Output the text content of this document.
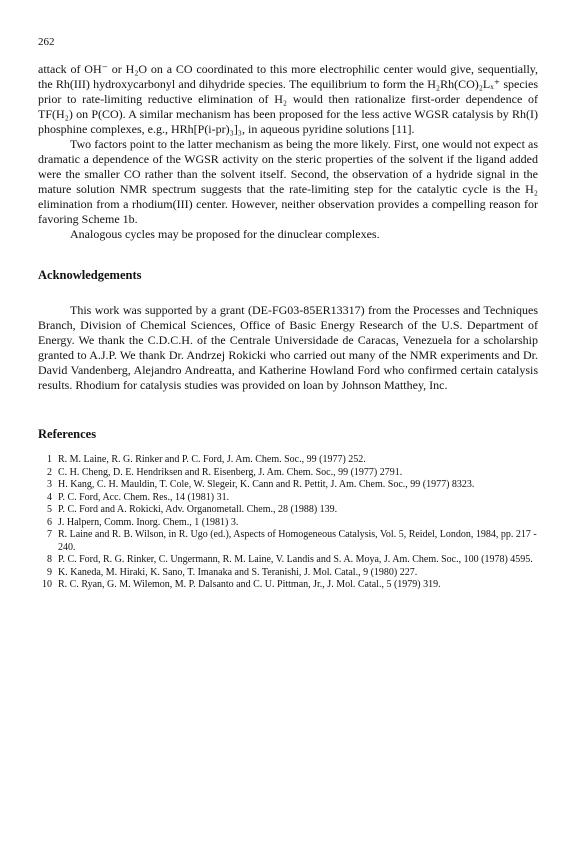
262

attack of OH⁻ or H₂O on a CO coordinated to this more electrophilic center would give, sequentially, the Rh(III) hydroxycarbonyl and dihydride species. The equilibrium to form the H₂Rh(CO)₂Lₓ⁺ species prior to rate-limiting reductive elimination of H₂ would then rationalize first-order dependence of TF(H₂) on P(CO). A similar mechanism has been proposed for the less active WGSR catalysis by Rh(I) phosphine complexes, e.g., HRh[P(i-pr)₃]₃, in aqueous pyridine solutions [11].

Two factors point to the latter mechanism as being the more likely. First, one would not expect as dramatic a dependence of the WGSR activity on the steric properties of the solvent if the ligand added were the smaller CO rather than the solvent itself. Second, the observation of a hydride signal in the mature solution NMR spectrum suggests that the rate-limiting step for the catalytic cycle is the H₂ elimination from a rhodium(III) center. However, neither observation provides a compelling reason for favoring Scheme 1b.

Analogous cycles may be proposed for the dinuclear complexes.

Acknowledgements

This work was supported by a grant (DE-FG03-85ER13317) from the Processes and Techniques Branch, Division of Chemical Sciences, Office of Basic Energy Research of the U.S. Department of Energy. We thank the C.D.C.H. of the Centrale Universidade de Caracas, Venezuela for a scholarship granted to A.J.P. We thank Dr. Andrzej Rokicki who carried out many of the NMR experiments and Dr. David Vandenberg, Alejandro Andreatta, and Katherine Howland Ford who confirmed certain catalysis results. Rhodium for catalysis studies was provided on loan by Johnson Matthey, Inc.

References
1 R. M. Laine, R. G. Rinker and P. C. Ford, J. Am. Chem. Soc., 99 (1977) 252.
2 C. H. Cheng, D. E. Hendriksen and R. Eisenberg, J. Am. Chem. Soc., 99 (1977) 2791.
3 H. Kang, C. H. Mauldin, T. Cole, W. Slegeir, K. Cann and R. Pettit, J. Am. Chem. Soc., 99 (1977) 8323.
4 P. C. Ford, Acc. Chem. Res., 14 (1981) 31.
5 P. C. Ford and A. Rokicki, Adv. Organometall. Chem., 28 (1988) 139.
6 J. Halpern, Comm. Inorg. Chem., 1 (1981) 3.
7 R. Laine and R. B. Wilson, in R. Ugo (ed.), Aspects of Homogeneous Catalysis, Vol. 5, Reidel, London, 1984, pp. 217 - 240.
8 P. C. Ford, R. G. Rinker, C. Ungermann, R. M. Laine, V. Landis and S. A. Moya, J. Am. Chem. Soc., 100 (1978) 4595.
9 K. Kaneda, M. Hiraki, K. Sano, T. Imanaka and S. Teranishi, J. Mol. Catal., 9 (1980) 227.
10 R. C. Ryan, G. M. Wilemon, M. P. Dalsanto and C. U. Pittman, Jr., J. Mol. Catal., 5 (1979) 319.
